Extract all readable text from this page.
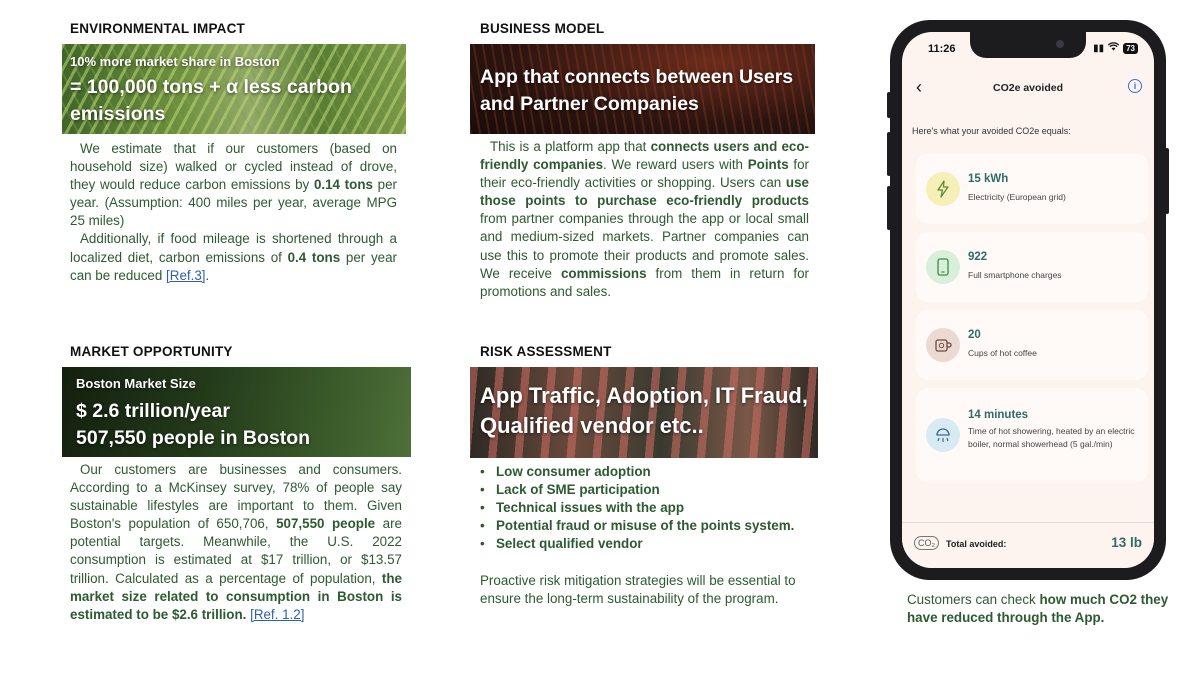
ENVIRONMENTAL IMPACT
10% more market share in Boston
= 100,000 tons + α less carbon emissions
We estimate that if our customers (based on household size) walked or cycled instead of drove, they would reduce carbon emissions by 0.14 tons per year. (Assumption: 400 miles per year, average MPG 25 miles)
Additionally, if food mileage is shortened through a localized diet, carbon emissions of 0.4 tons per year can be reduced [Ref.3].
BUSINESS MODEL
App that connects between Users and Partner Companies
This is a platform app that connects users and eco-friendly companies. We reward users with Points for their eco-friendly activities or shopping. Users can use those points to purchase eco-friendly products from partner companies through the app or local small and medium-sized markets. Partner companies can use this to promote their products and promote sales. We receive commissions from them in return for promotions and sales.
MARKET OPPORTUNITY
Boston Market Size
$ 2.6 trillion/year
507,550 people in Boston
Our customers are businesses and consumers. According to a McKinsey survey, 78% of people say sustainable lifestyles are important to them. Given Boston's population of 650,706, 507,550 people are potential targets. Meanwhile, the U.S. 2022 consumption is estimated at $17 trillion, or $13.57 trillion. Calculated as a percentage of population, the market size related to consumption in Boston is estimated to be $2.6 trillion. [Ref. 1.2]
RISK ASSESSMENT
App Traffic, Adoption, IT Fraud, Qualified vendor etc..
• Low consumer adoption
• Lack of SME participation
• Technical issues with the app
• Potential fraud or misuse of the points system.
• Select qualified vendor
Proactive risk mitigation strategies will be essential to ensure the long-term sustainability of the program.
11:26	▮▮	73
‹	CO2e avoided	i
Here's what your avoided CO2e equals:
15 kWh
Electricity (European grid)
922
Full smartphone charges
20
Cups of hot coffee
14 minutes
Time of hot showering, heated by an electric boiler, normal showerhead (5 gal./min)
CO₂	Total avoided:	13 lb
Customers can check how much CO2 they have reduced through the App.
